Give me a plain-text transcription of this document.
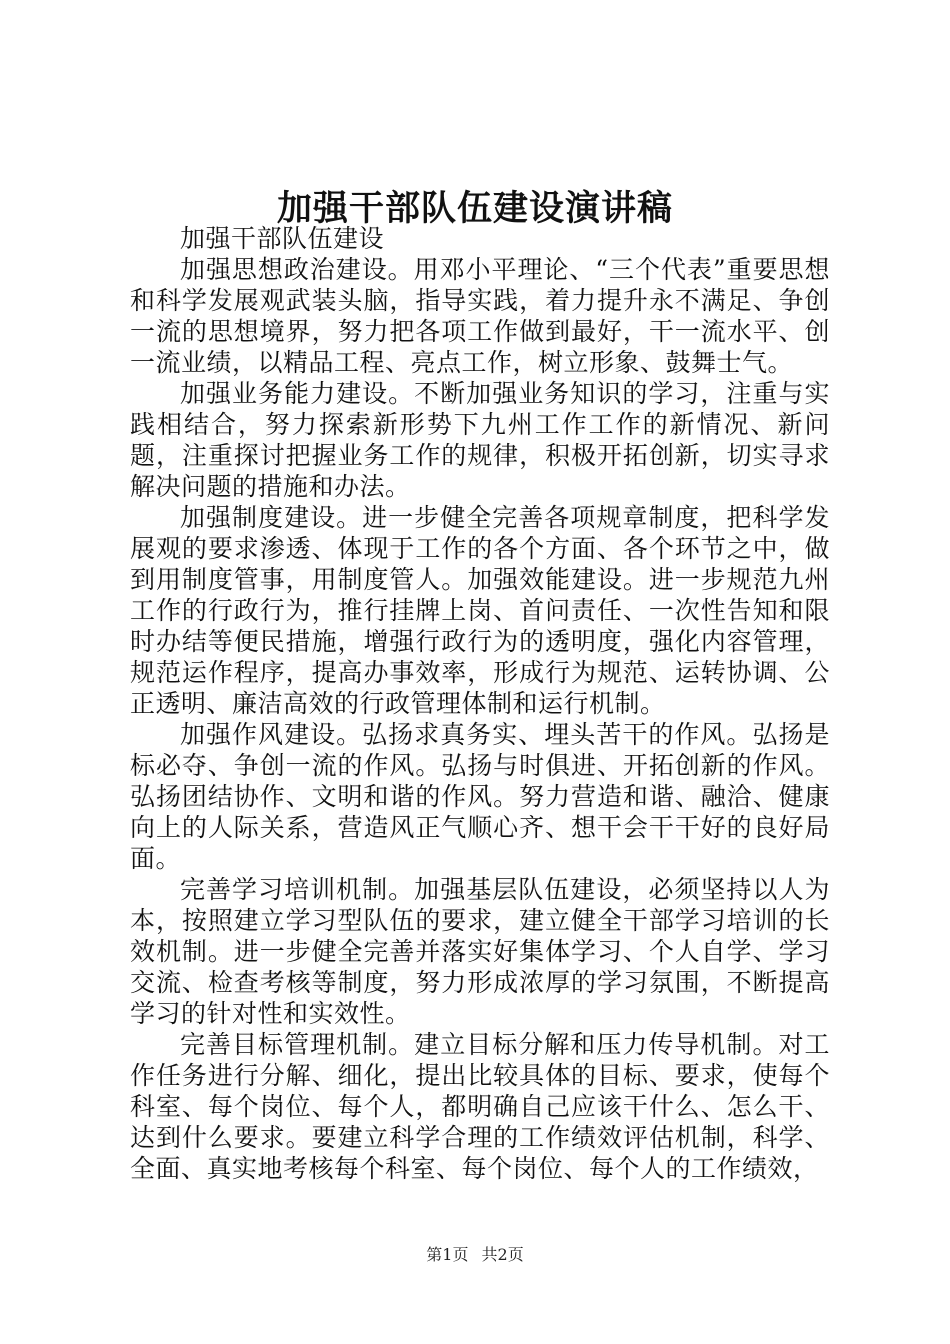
加强干部队伍建设演讲稿

加强干部队伍建设

加强思想政治建设。用邓小平理论、“三个代表”重要思想和科学发展观武装头脑，指导实践，着力提升永不满足、争创一流的思想境界，努力把各项工作做到最好，干一流水平、创一流业绩，以精品工程、亮点工作，树立形象、鼓舞士气。

加强业务能力建设。不断加强业务知识的学习，注重与实践相结合，努力探索新形势下九州工作工作的新情况、新问题，注重探讨把握业务工作的规律，积极开拓创新，切实寻求解决问题的措施和办法。

加强制度建设。进一步健全完善各项规章制度，把科学发展观的要求渗透、体现于工作的各个方面、各个环节之中，做到用制度管事，用制度管人。加强效能建设。进一步规范九州工作的行政行为，推行挂牌上岗、首问责任、一次性告知和限时办结等便民措施，增强行政行为的透明度，强化内容管理，规范运作程序，提高办事效率，形成行为规范、运转协调、公正透明、廉洁高效的行政管理体制和运行机制。

加强作风建设。弘扬求真务实、埋头苦干的作风。弘扬是标必夺、争创一流的作风。弘扬与时俱进、开拓创新的作风。弘扬团结协作、文明和谐的作风。努力营造和谐、融洽、健康向上的人际关系，营造风正气顺心齐、想干会干干好的良好局面。

完善学习培训机制。加强基层队伍建设，必须坚持以人为本，按照建立学习型队伍的要求，建立健全干部学习培训的长效机制。进一步健全完善并落实好集体学习、个人自学、学习交流、检查考核等制度，努力形成浓厚的学习氛围，不断提高学习的针对性和实效性。

完善目标管理机制。建立目标分解和压力传导机制。对工作任务进行分解、细化，提出比较具体的目标、要求，使每个科室、每个岗位、每个人，都明确自己应该干什么、怎么干、达到什么要求。要建立科学合理的工作绩效评估机制，科学、全面、真实地考核每个科室、每个岗位、每个人的工作绩效，

第1页 共2页
